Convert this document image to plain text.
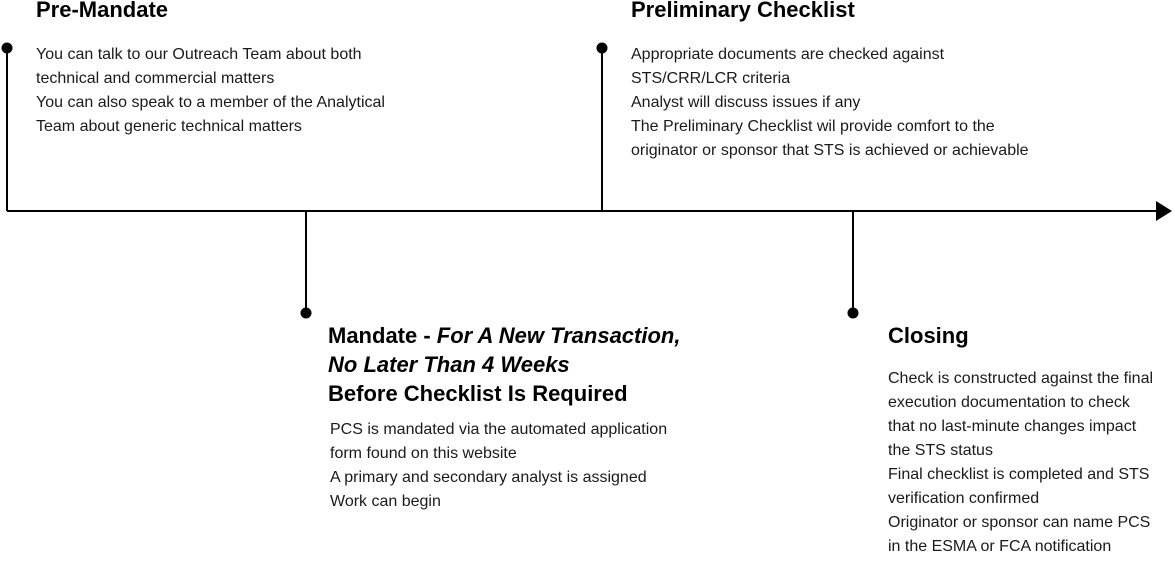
Pre-Mandate
You can talk to our Outreach Team about both
technical and commercial matters
You can also speak to a member of the Analytical
Team about generic technical matters
Preliminary Checklist
Appropriate documents are checked against
STS/CRR/LCR criteria
Analyst will discuss issues if any
The Preliminary Checklist wil provide comfort to the
originator or sponsor that STS is achieved or achievable
Mandate - For A New Transaction,
No Later Than 4 Weeks
Before Checklist Is Required
PCS is mandated via the automated application
form found on this website
A primary and secondary analyst is assigned
Work can begin
Closing
Check is constructed against the final
execution documentation to check
that no last-minute changes impact
the STS status
Final checklist is completed and STS
verification confirmed
Originator or sponsor can name PCS
in the ESMA or FCA notification
